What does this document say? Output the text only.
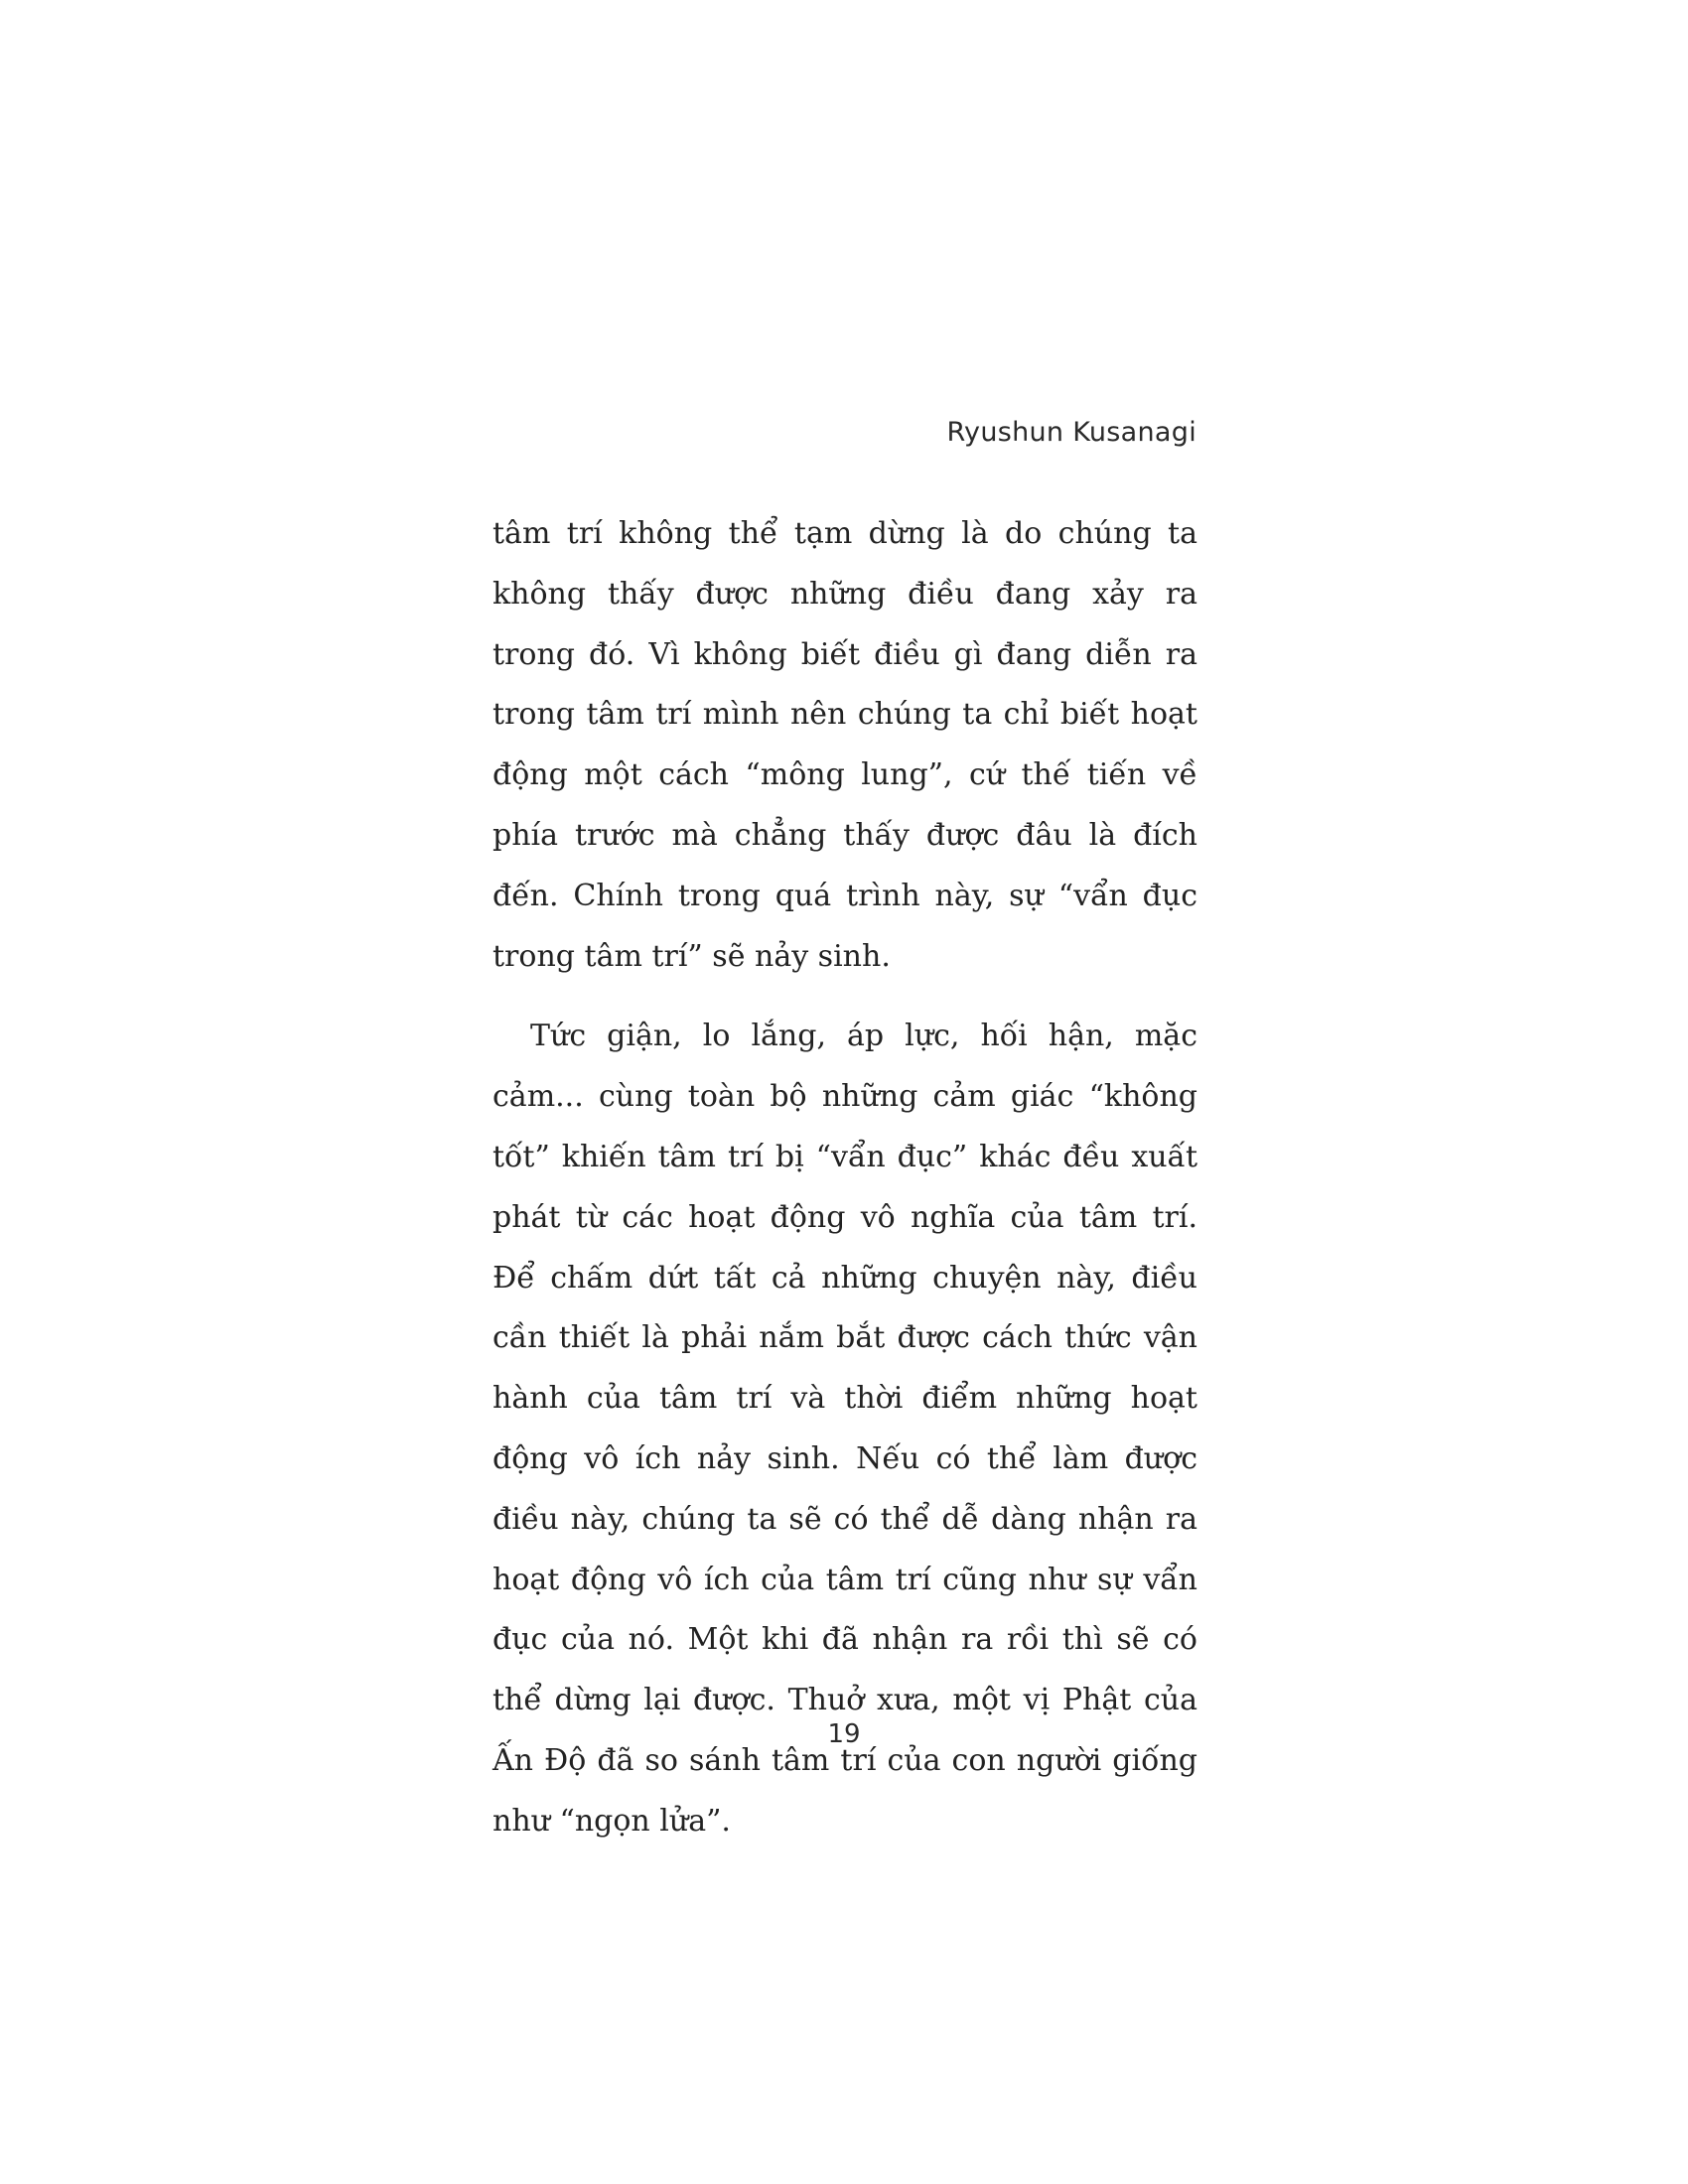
Ryushun Kusanagi

tâm trí không thể tạm dừng là do chúng ta không thấy được những điều đang xảy ra trong đó. Vì không biết điều gì đang diễn ra trong tâm trí mình nên chúng ta chỉ biết hoạt động một cách “mông lung”, cứ thế tiến về phía trước mà chẳng thấy được đâu là đích đến. Chính trong quá trình này, sự “vẩn đục trong tâm trí” sẽ nảy sinh.

Tức giận, lo lắng, áp lực, hối hận, mặc cảm... cùng toàn bộ những cảm giác “không tốt” khiến tâm trí bị “vẩn đục” khác đều xuất phát từ các hoạt động vô nghĩa của tâm trí. Để chấm dứt tất cả những chuyện này, điều cần thiết là phải nắm bắt được cách thức vận hành của tâm trí và thời điểm những hoạt động vô ích nảy sinh. Nếu có thể làm được điều này, chúng ta sẽ có thể dễ dàng nhận ra hoạt động vô ích của tâm trí cũng như sự vẩn đục của nó. Một khi đã nhận ra rồi thì sẽ có thể dừng lại được. Thuở xưa, một vị Phật của Ấn Độ đã so sánh tâm trí của con người giống như “ngọn lửa”.

19
